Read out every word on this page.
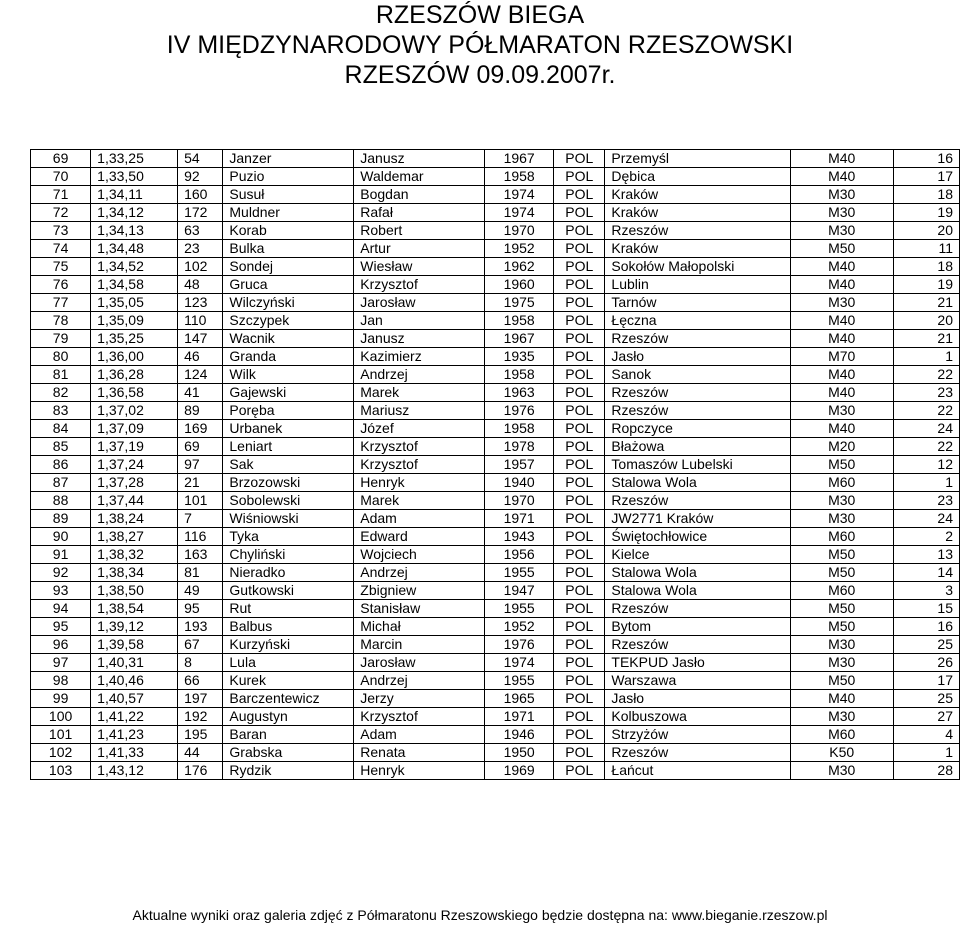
RZESZÓW BIEGA
IV MIĘDZYNARODOWY PÓŁMARATON RZESZOWSKI
RZESZÓW 09.09.2007r.
69	1,33,25	54	Janzer	Janusz	1967	POL	Przemyśl	M40	16
70	1,33,50	92	Puzio	Waldemar	1958	POL	Dębica	M40	17
71	1,34,11	160	Susuł	Bogdan	1974	POL	Kraków	M30	18
72	1,34,12	172	Muldner	Rafał	1974	POL	Kraków	M30	19
73	1,34,13	63	Korab	Robert	1970	POL	Rzeszów	M30	20
74	1,34,48	23	Bulka	Artur	1952	POL	Kraków	M50	11
75	1,34,52	102	Sondej	Wiesław	1962	POL	Sokołów Małopolski	M40	18
76	1,34,58	48	Gruca	Krzysztof	1960	POL	Lublin	M40	19
77	1,35,05	123	Wilczyński	Jarosław	1975	POL	Tarnów	M30	21
78	1,35,09	110	Szczypek	Jan	1958	POL	Łęczna	M40	20
79	1,35,25	147	Wacnik	Janusz	1967	POL	Rzeszów	M40	21
80	1,36,00	46	Granda	Kazimierz	1935	POL	Jasło	M70	1
81	1,36,28	124	Wilk	Andrzej	1958	POL	Sanok	M40	22
82	1,36,58	41	Gajewski	Marek	1963	POL	Rzeszów	M40	23
83	1,37,02	89	Poręba	Mariusz	1976	POL	Rzeszów	M30	22
84	1,37,09	169	Urbanek	Józef	1958	POL	Ropczyce	M40	24
85	1,37,19	69	Leniart	Krzysztof	1978	POL	Błażowa	M20	22
86	1,37,24	97	Sak	Krzysztof	1957	POL	Tomaszów Lubelski	M50	12
87	1,37,28	21	Brzozowski	Henryk	1940	POL	Stalowa Wola	M60	1
88	1,37,44	101	Sobolewski	Marek	1970	POL	Rzeszów	M30	23
89	1,38,24	7	Wiśniowski	Adam	1971	POL	JW2771 Kraków	M30	24
90	1,38,27	116	Tyka	Edward	1943	POL	Świętochłowice	M60	2
91	1,38,32	163	Chyliński	Wojciech	1956	POL	Kielce	M50	13
92	1,38,34	81	Nieradko	Andrzej	1955	POL	Stalowa Wola	M50	14
93	1,38,50	49	Gutkowski	Zbigniew	1947	POL	Stalowa Wola	M60	3
94	1,38,54	95	Rut	Stanisław	1955	POL	Rzeszów	M50	15
95	1,39,12	193	Balbus	Michał	1952	POL	Bytom	M50	16
96	1,39,58	67	Kurzyński	Marcin	1976	POL	Rzeszów	M30	25
97	1,40,31	8	Lula	Jarosław	1974	POL	TEKPUD Jasło	M30	26
98	1,40,46	66	Kurek	Andrzej	1955	POL	Warszawa	M50	17
99	1,40,57	197	Barczentewicz	Jerzy	1965	POL	Jasło	M40	25
100	1,41,22	192	Augustyn	Krzysztof	1971	POL	Kolbuszowa	M30	27
101	1,41,23	195	Baran	Adam	1946	POL	Strzyżów	M60	4
102	1,41,33	44	Grabska	Renata	1950	POL	Rzeszów	K50	1
103	1,43,12	176	Rydzik	Henryk	1969	POL	Łańcut	M30	28
Aktualne wyniki oraz galeria zdjęć z Półmaratonu Rzeszowskiego będzie dostępna na: www.bieganie.rzeszow.pl
